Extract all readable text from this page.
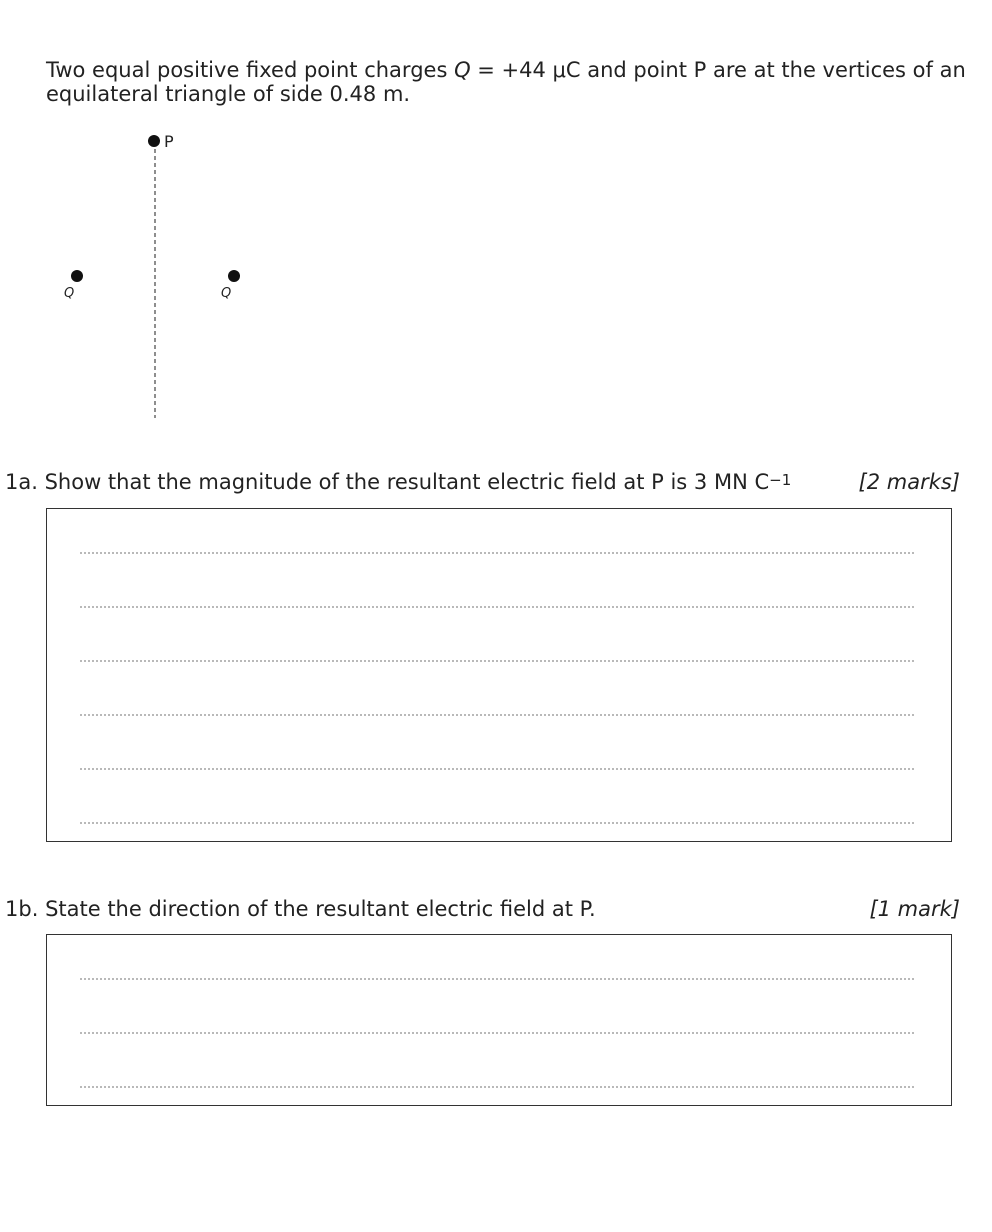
Two equal positive fixed point charges Q = +44 μC and point P are at the vertices of an equilateral triangle of side 0.48 m.

P
Q	Q

1a. Show that the magnitude of the resultant electric field at P is 3 MN $C^{-1}$	[2 marks]

1b. State the direction of the resultant electric field at P.	[1 mark]
